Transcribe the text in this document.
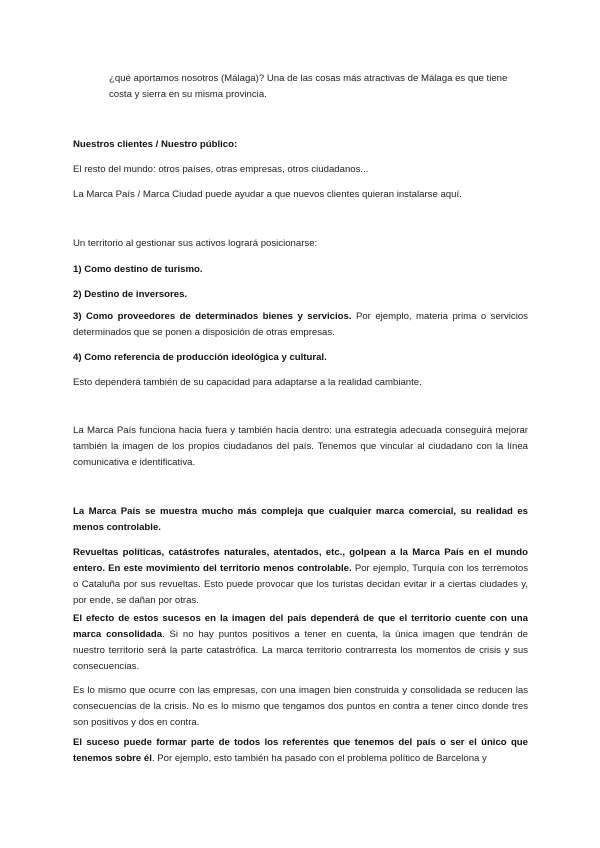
¿qué aportamos nosotros (Málaga)? Una de las cosas más atractivas de Málaga es que tiene costa y sierra en su misma provincia.

Nuestros clientes / Nuestro público:

El resto del mundo: otros países, otras empresas, otros ciudadanos...

La Marca País / Marca Ciudad puede ayudar a que nuevos clientes quieran instalarse aquí.

Un territorio al gestionar sus activos logrará posicionarse:

1) Como destino de turismo.

2) Destino de inversores.

3) Como proveedores de determinados bienes y servicios. Por ejemplo, materia prima o servicios determinados que se ponen a disposición de otras empresas.

4) Como referencia de producción ideológica y cultural.

Esto dependerá también de su capacidad para adaptarse a la realidad cambiante.

La Marca País funciona hacia fuera y también hacia dentro: una estrategia adecuada conseguirá mejorar también la imagen de los propios ciudadanos del país. Tenemos que vincular al ciudadano con la línea comunicativa e identificativa.

La Marca País se muestra mucho más compleja que cualquier marca comercial, su realidad es menos controlable.

Revueltas políticas, catástrofes naturales, atentados, etc., golpean a la Marca País en el mundo entero. En este movimiento del territorio menos controlable. Por ejemplo, Turquía con los terremotos o Cataluña por sus revueltas. Esto puede provocar que los turistas decidan evitar ir a ciertas ciudades y, por ende, se dañan por otras.

El efecto de estos sucesos en la imagen del país dependerá de que el territorio cuente con una marca consolidada. Si no hay puntos positivos a tener en cuenta, la única imagen que tendrán de nuestro territorio será la parte catastrófica. La marca territorio contrarresta los momentos de crisis y sus consecuencias.

Es lo mismo que ocurre con las empresas, con una imagen bien construida y consolidada se reducen las consecuencias de la crisis. No es lo mismo que tengamos dos puntos en contra a tener cinco donde tres son positivos y dos en contra.

El suceso puede formar parte de todos los referentes que tenemos del país o ser el único que tenemos sobre él. Por ejemplo, esto también ha pasado con el problema político de Barcelona y
